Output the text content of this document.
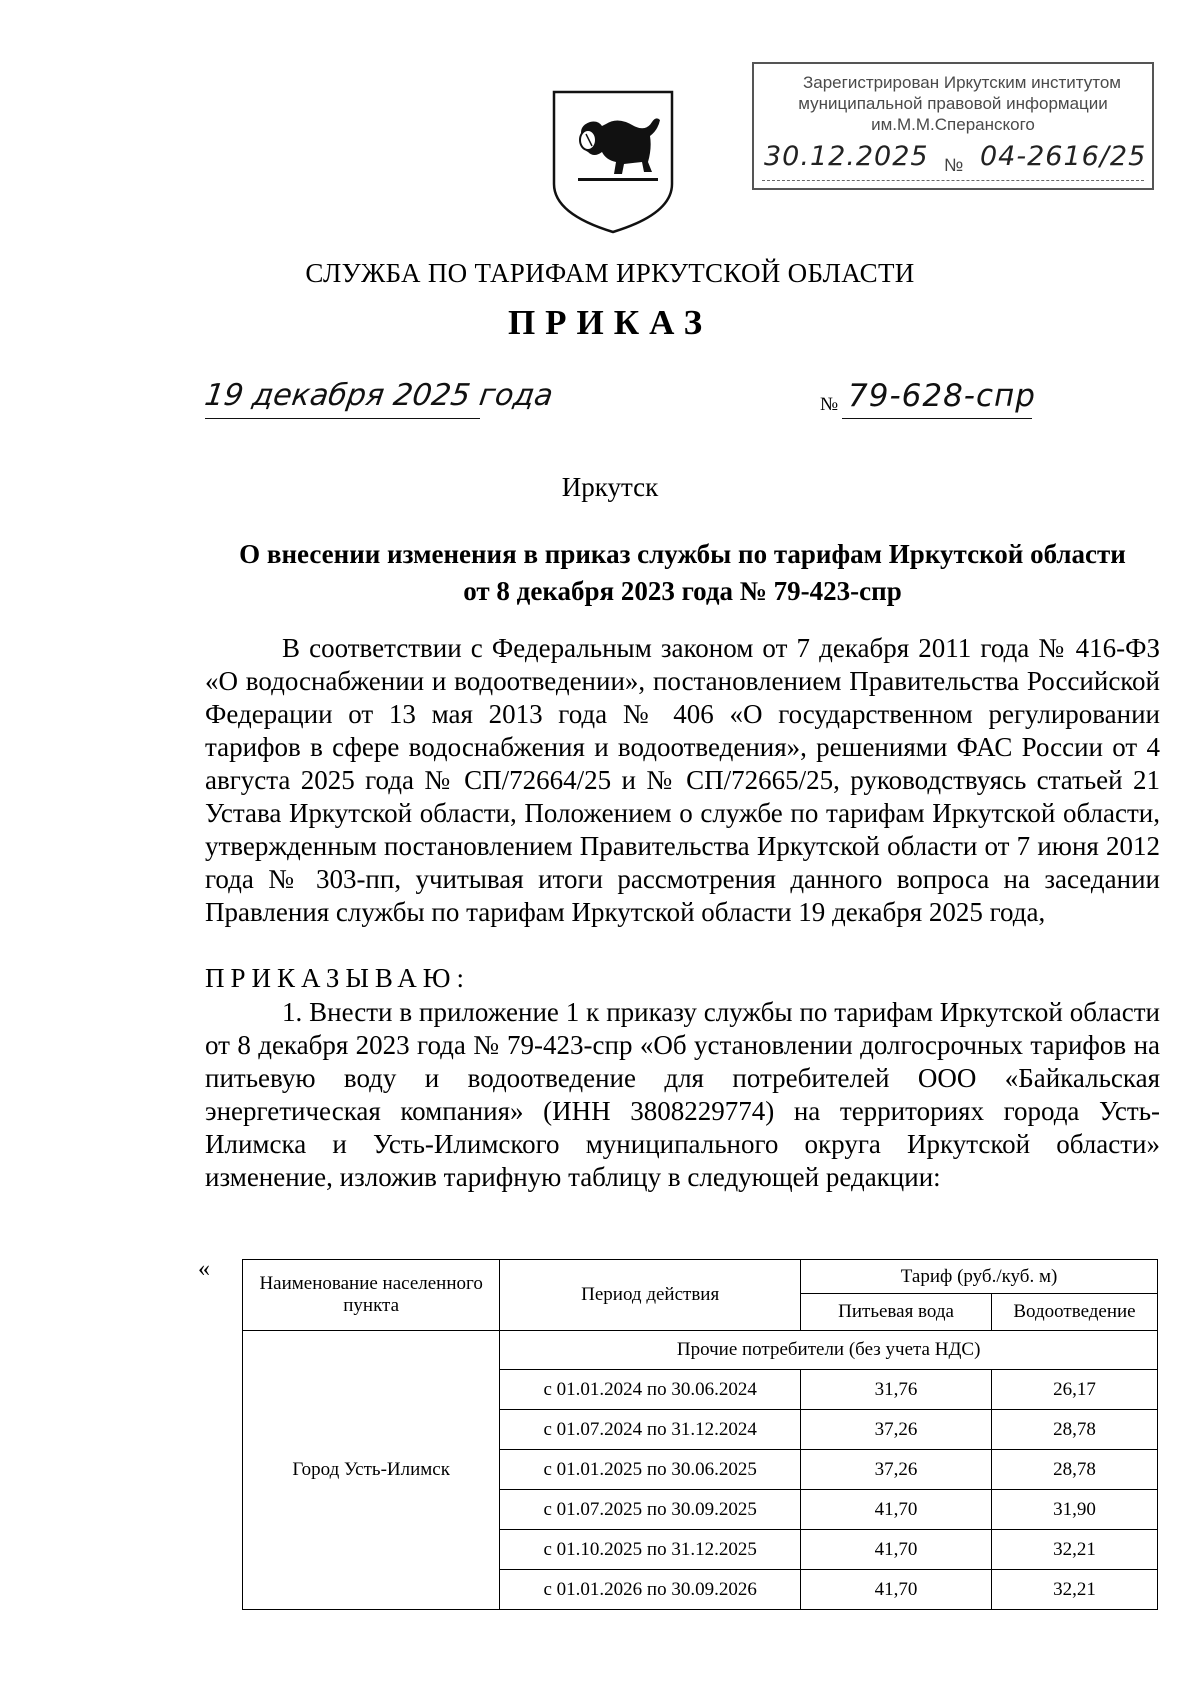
Зарегистрирован Иркутским институтом
муниципальной правовой информации
им.М.М.Сперанского
30.12.2025 № 04-2616/25
СЛУЖБА ПО ТАРИФАМ ИРКУТСКОЙ ОБЛАСТИ
ПРИКАЗ
19 декабря 2025 года	№ 79-628-спр
Иркутск
О внесении изменения в приказ службы по тарифам Иркутской области
от 8 декабря 2023 года № 79-423-спр
В соответствии с Федеральным законом от 7 декабря 2011 года № 416-ФЗ «О водоснабжении и водоотведении», постановлением Правительства Российской Федерации от 13 мая 2013 года № 406 «О государственном регулировании тарифов в сфере водоснабжения и водоотведения», решениями ФАС России от 4 августа 2025 года № СП/72664/25 и № СП/72665/25, руководствуясь статьей 21 Устава Иркутской области, Положением о службе по тарифам Иркутской области, утвержденным постановлением Правительства Иркутской области от 7 июня 2012 года № 303-пп, учитывая итоги рассмотрения данного вопроса на заседании Правления службы по тарифам Иркутской области 19 декабря 2025 года,
ПРИКАЗЫВАЮ:
1. Внести в приложение 1 к приказу службы по тарифам Иркутской области от 8 декабря 2023 года № 79-423-спр «Об установлении долгосрочных тарифов на питьевую воду и водоотведение для потребителей ООО «Байкальская энергетическая компания» (ИНН 3808229774) на территориях города Усть-Илимска и Усть-Илимского муниципального округа Иркутской области» изменение, изложив тарифную таблицу в следующей редакции:
«
Наименование населенного пункта	Период действия	Тариф (руб./куб. м)	
		Питьевая вода	Водоотведение
Город Усть-Илимск	Прочие потребители (без учета НДС)		
	с 01.01.2024 по 30.06.2024	31,76	26,17
	с 01.07.2024 по 31.12.2024	37,26	28,78
	с 01.01.2025 по 30.06.2025	37,26	28,78
	с 01.07.2025 по 30.09.2025	41,70	31,90
	с 01.10.2025 по 31.12.2025	41,70	32,21
	с 01.01.2026 по 30.09.2026	41,70	32,21
